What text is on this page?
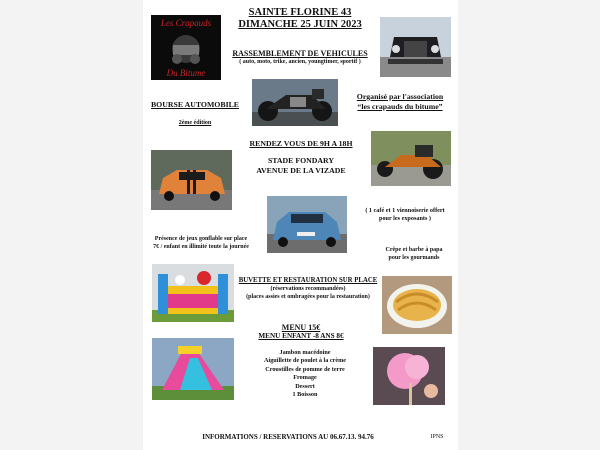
Les Crapauds
Du Bitume
SAINTE FLORINE 43
DIMANCHE 25 JUIN 2023
RASSEMBLEMENT DE VEHICULES
( auto, moto, trike, ancien, youngtimer, sportif )
Organisé par l'association
“les crapauds du bitume”
BOURSE AUTOMOBILE
2ème édition
RENDEZ VOUS DE 9H A 18H
STADE FONDARY
AVENUE DE LA VIZADE
( 1 café et 1 viennoiserie offert
pour les exposants )
Présence de jeux gonflable sur place
7€ / enfant en illimité toute la journée	Crêpe et barbe à papa
pour les gourmands
BUVETTE ET RESTAURATION SUR PLACE
(réservations recommandées)
(places assies et ombragées pour la restauration)
MENU 15€
MENU ENFANT -8 ANS 8€
Jambon macédoine
Aiguillette de poulet à la crème
Croustilles de pomme de terre
Fromage
Dessert
1 Boisson
INFORMATIONS / RESERVATIONS AU 06.67.13. 94.76	IPNS
